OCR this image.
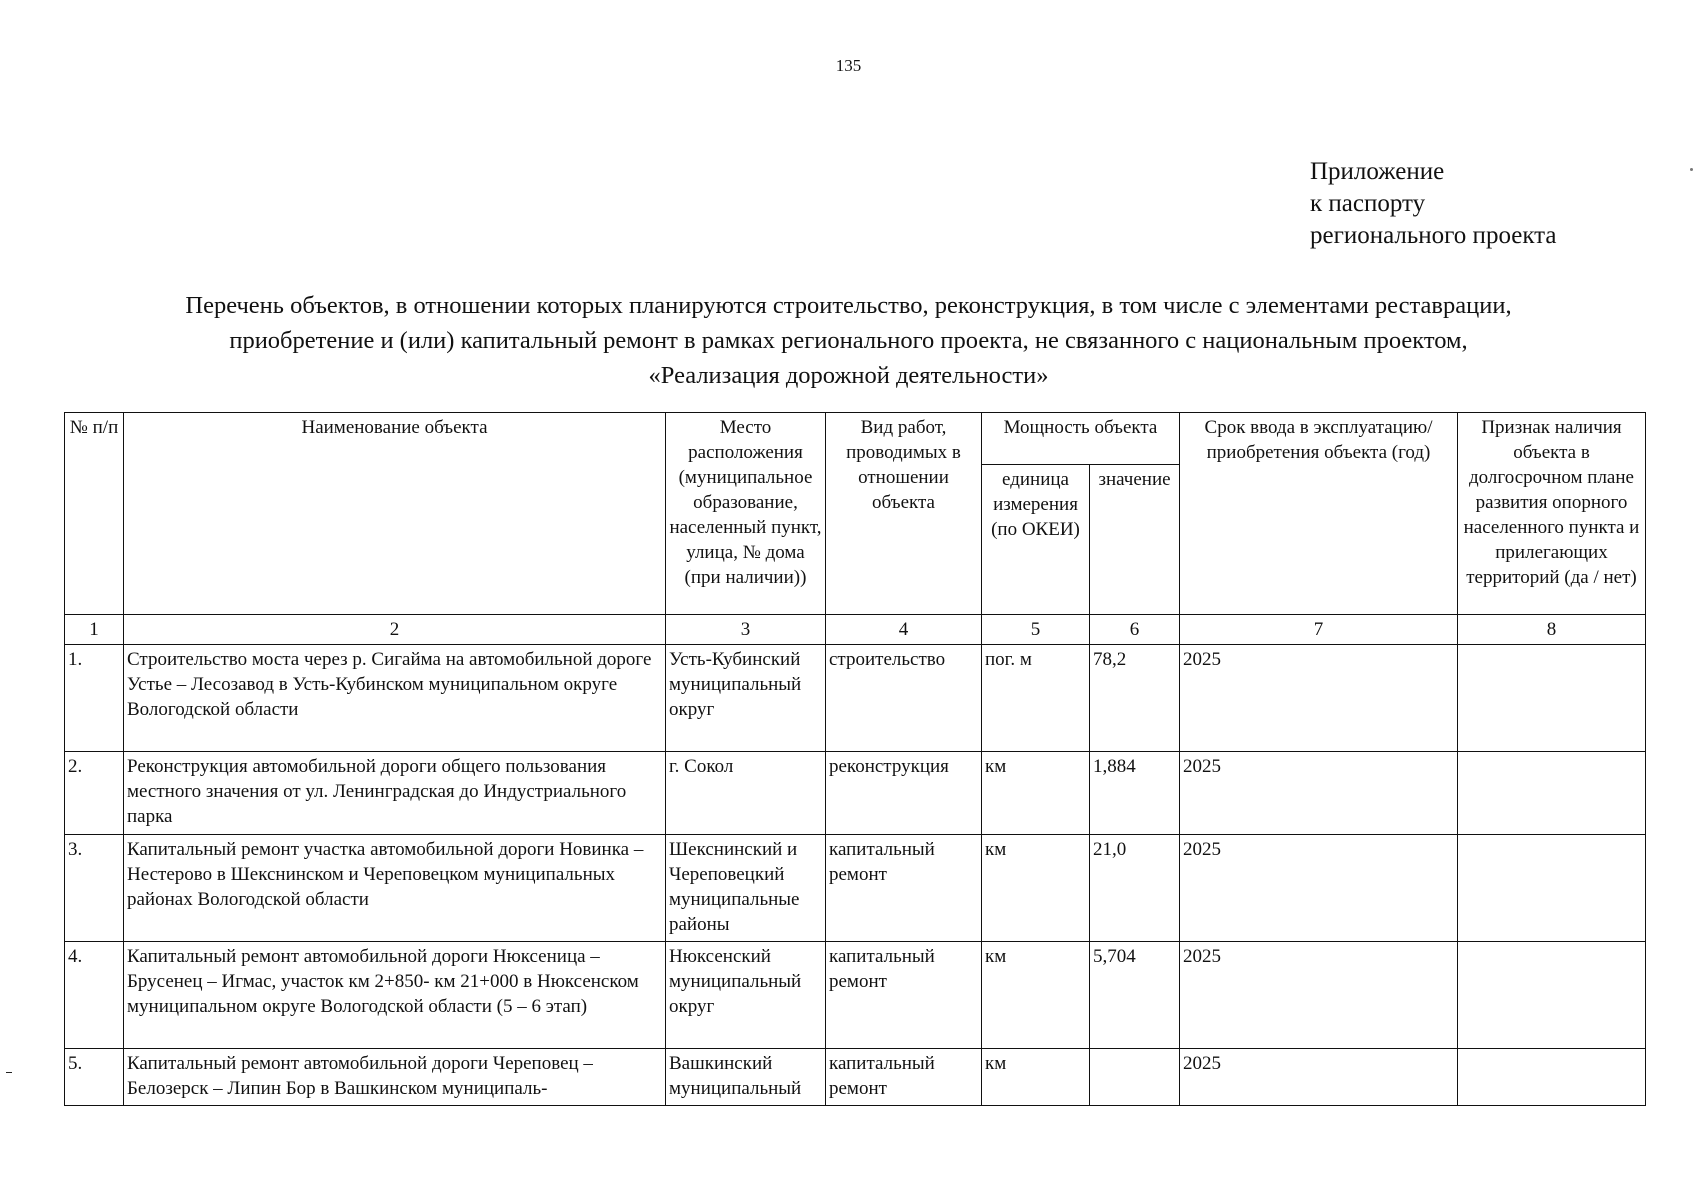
135
Приложение
к паспорту
регионального проекта
Перечень объектов, в отношении которых планируются строительство, реконструкция, в том числе с элементами реставрации,
приобретение и (или) капитальный ремонт в рамках регионального проекта, не связанного с национальным проектом,
«Реализация дорожной деятельности»
№ п/п	Наименование объекта	Место расположения (муниципальное образование, населенный пункт, улица, № дома (при наличии))	Вид работ, проводимых в отношении объекта	Мощность объекта		Срок ввода в эксплуатацию/приобретения объекта (год)	Признак наличия объекта в долгосрочном плане развития опорного населенного пункта и прилегающих территорий (да / нет)
				единица измерения (по ОКЕИ)	значение		
1	2	3	4	5	6	7	8
1.	Строительство моста через р. Сигайма на автомобильной дороге Устье – Лесозавод в Усть-Кубинском муниципальном округе Вологодской области	Усть-Кубинский муниципальный округ	строительство	пог. м	78,2	2025	
2.	Реконструкция автомобильной дороги общего пользования местного значения от ул. Ленинградская до Индустриального парка	г. Сокол	реконструкция	км	1,884	2025	
3.	Капитальный ремонт участка автомобильной дороги Новинка – Нестерово в Шекснинском и Череповецком муниципальных районах Вологодской области	Шекснинский и Череповецкий муниципальные районы	капитальный ремонт	км	21,0	2025	
4.	Капитальный ремонт автомобильной дороги Нюксеница – Брусенец – Игмас, участок км 2+850- км 21+000 в Нюксенском муниципальном округе Вологодской области (5 – 6 этап)	Нюксенский муниципальный округ	капитальный ремонт	км	5,704	2025	
5.	Капитальный ремонт автомобильной дороги Череповец – Белозерск – Липин Бор в Вашкинском муниципаль-	Вашкинский муниципальный	капитальный ремонт	км		2025	
